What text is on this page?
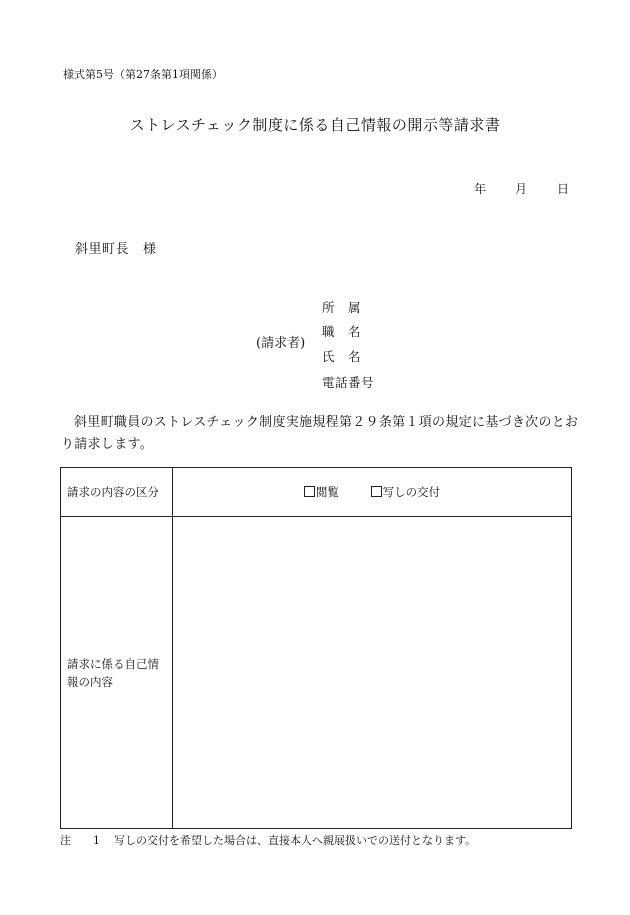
様式第5号（第27条第1項関係）
ストレスチェック制度に係る自己情報の開示等請求書
年 月 日
斜里町長 様
(請求者)
所　属
職　名
氏　名
電話番号
斜里町職員のストレスチェック制度実施規程第２９条第１項の規定に基づき次のとおり請求します。
請求の内容の区分	閲覧 写しの交付
請求に係る自己情報の内容	
注 1 写しの交付を希望した場合は、直接本人へ親展扱いでの送付となります。
